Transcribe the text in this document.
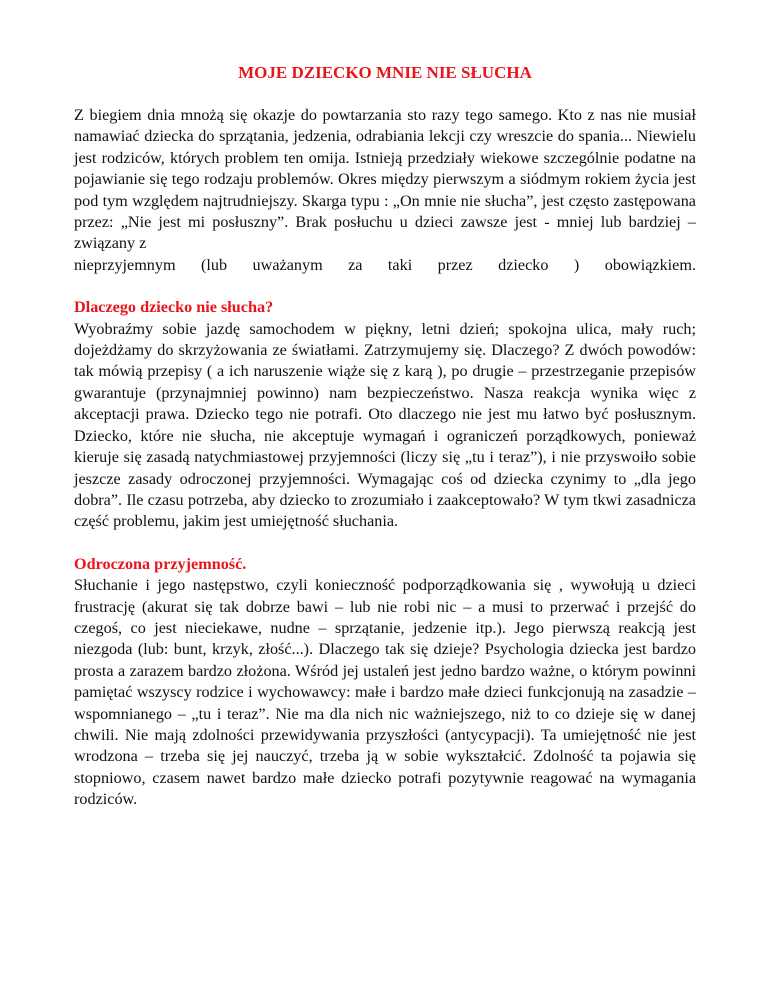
MOJE DZIECKO MNIE NIE SŁUCHA

Z biegiem dnia mnożą się okazje do powtarzania sto razy tego samego. Kto z nas nie musiał namawiać dziecka do sprzątania, jedzenia, odrabiania lekcji czy wreszcie do spania... Niewielu jest rodziców, których problem ten omija. Istnieją przedziały wiekowe szczególnie podatne na pojawianie się tego rodzaju problemów. Okres między pierwszym a siódmym rokiem życia jest pod tym względem najtrudniejszy. Skarga typu : „On mnie nie słucha”, jest często zastępowana przez: „Nie jest mi posłuszny”. Brak posłuchu u dzieci zawsze jest - mniej lub bardziej – związany z
nieprzyjemnym (lub uważanym za taki przez dziecko ) obowiązkiem.

Dlaczego dziecko nie słucha?

Wyobraźmy sobie jazdę samochodem w piękny, letni dzień; spokojna ulica, mały ruch; dojeżdżamy do skrzyżowania ze światłami. Zatrzymujemy się. Dlaczego? Z dwóch powodów: tak mówią przepisy ( a ich naruszenie wiąże się z karą ), po drugie – przestrzeganie przepisów gwarantuje (przynajmniej powinno) nam bezpieczeństwo. Nasza reakcja wynika więc z akceptacji prawa. Dziecko tego nie potrafi. Oto dlaczego nie jest mu łatwo być posłusznym. Dziecko, które nie słucha, nie akceptuje wymagań i ograniczeń porządkowych, ponieważ kieruje się zasadą natychmiastowej przyjemności (liczy się „tu i teraz”), i nie przyswoiło sobie jeszcze zasady odroczonej przyjemności. Wymagając coś od dziecka czynimy to „dla jego dobra”. Ile czasu potrzeba, aby dziecko to zrozumiało i zaakceptowało? W tym tkwi zasadnicza część problemu, jakim jest umiejętność słuchania.

Odroczona przyjemność.

Słuchanie i jego następstwo, czyli konieczność podporządkowania się , wywołują u dzieci frustrację (akurat się tak dobrze bawi – lub nie robi nic – a musi to przerwać i przejść do czegoś, co jest nieciekawe, nudne – sprzątanie, jedzenie itp.). Jego pierwszą reakcją jest niezgoda (lub: bunt, krzyk, złość...). Dlaczego tak się dzieje? Psychologia dziecka jest bardzo prosta a zarazem bardzo złożona. Wśród jej ustaleń jest jedno bardzo ważne, o którym powinni pamiętać wszyscy rodzice i wychowawcy: małe i bardzo małe dzieci funkcjonują na zasadzie – wspomnianego – „tu i teraz”. Nie ma dla nich nic ważniejszego, niż to co dzieje się w danej chwili. Nie mają zdolności przewidywania przyszłości (antycypacji). Ta umiejętność nie jest wrodzona – trzeba się jej nauczyć, trzeba ją w sobie wykształcić. Zdolność ta pojawia się stopniowo, czasem nawet bardzo małe dziecko potrafi pozytywnie reagować na wymagania rodziców.
